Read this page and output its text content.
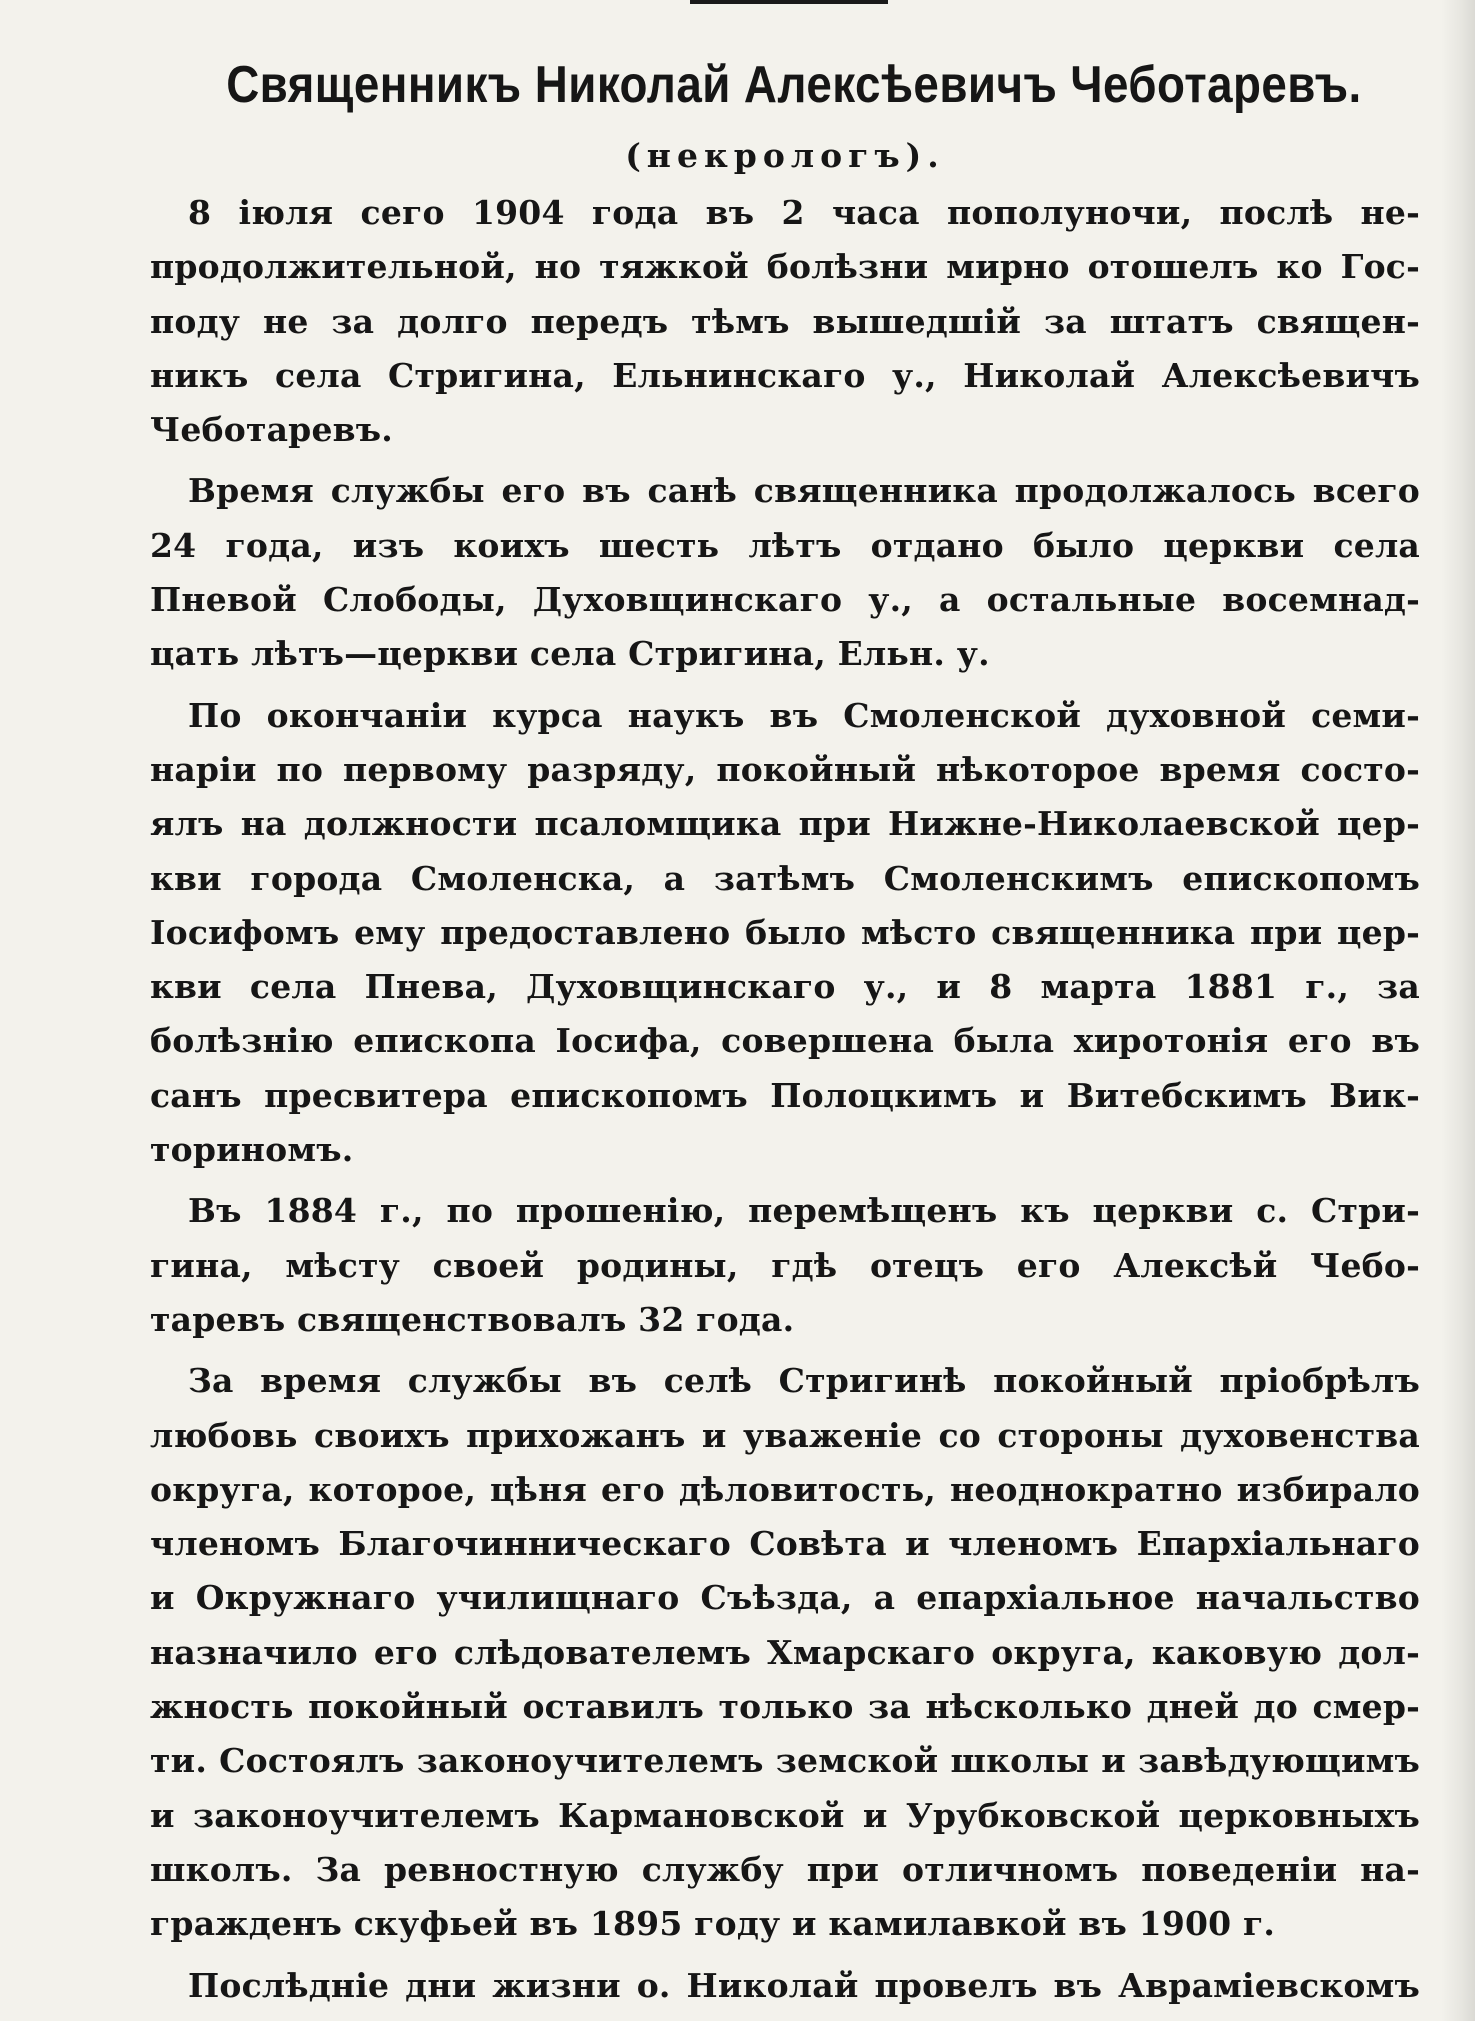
Священникъ Николай Алексѣевичъ Чеботаревъ.
(некрологъ).
8 іюля сего 1904 года въ 2 часа пополуночи, послѣ не-
продолжительной, но тяжкой болѣзни мирно отошелъ ко Гос-
поду не за долго передъ тѣмъ вышедшій за штатъ священ-
никъ села Стригина, Ельнинскаго у., Николай Алексѣевичъ
Чеботаревъ.
Время службы его въ санѣ священника продолжалось всего
24 года, изъ коихъ шесть лѣтъ отдано было церкви села
Пневой Слободы, Духовщинскаго у., а остальные восемнад-
цать лѣтъ—церкви села Стригина, Ельн. у.
По окончаніи курса наукъ въ Смоленской духовной семи-
наріи по первому разряду, покойный нѣкоторое время состо-
ялъ на должности псаломщика при Нижне-Николаевской цер-
кви города Смоленска, а затѣмъ Смоленскимъ епископомъ
Іосифомъ ему предоставлено было мѣсто священника при цер-
кви села Пнева, Духовщинскаго у., и 8 марта 1881 г., за
болѣзнію епископа Іосифа, совершена была хиротонія его въ
санъ пресвитера епископомъ Полоцкимъ и Витебскимъ Вик-
ториномъ.
Въ 1884 г., по прошенію, перемѣщенъ къ церкви с. Стри-
гина, мѣсту своей родины, гдѣ отецъ его Алексѣй Чебо-
таревъ священствовалъ 32 года.
За время службы въ селѣ Стригинѣ покойный пріобрѣлъ
любовь своихъ прихожанъ и уваженіе со стороны духовенства
округа, которое, цѣня его дѣловитость, неоднократно избирало
членомъ Благочинническаго Совѣта и членомъ Епархіальнаго
и Окружнаго училищнаго Съѣзда, а епархіальное начальство
назначило его слѣдователемъ Хмарскаго округа, каковую дол-
жность покойный оставилъ только за нѣсколько дней до смер-
ти. Состоялъ законоучителемъ земской школы и завѣдующимъ
и законоучителемъ Кармановской и Урубковской церковныхъ
школъ. За ревностную службу при отличномъ поведеніи на-
гражденъ скуфьей въ 1895 году и камилавкой въ 1900 г.
Послѣдніе дни жизни о. Николай провелъ въ Авраміевскомъ
